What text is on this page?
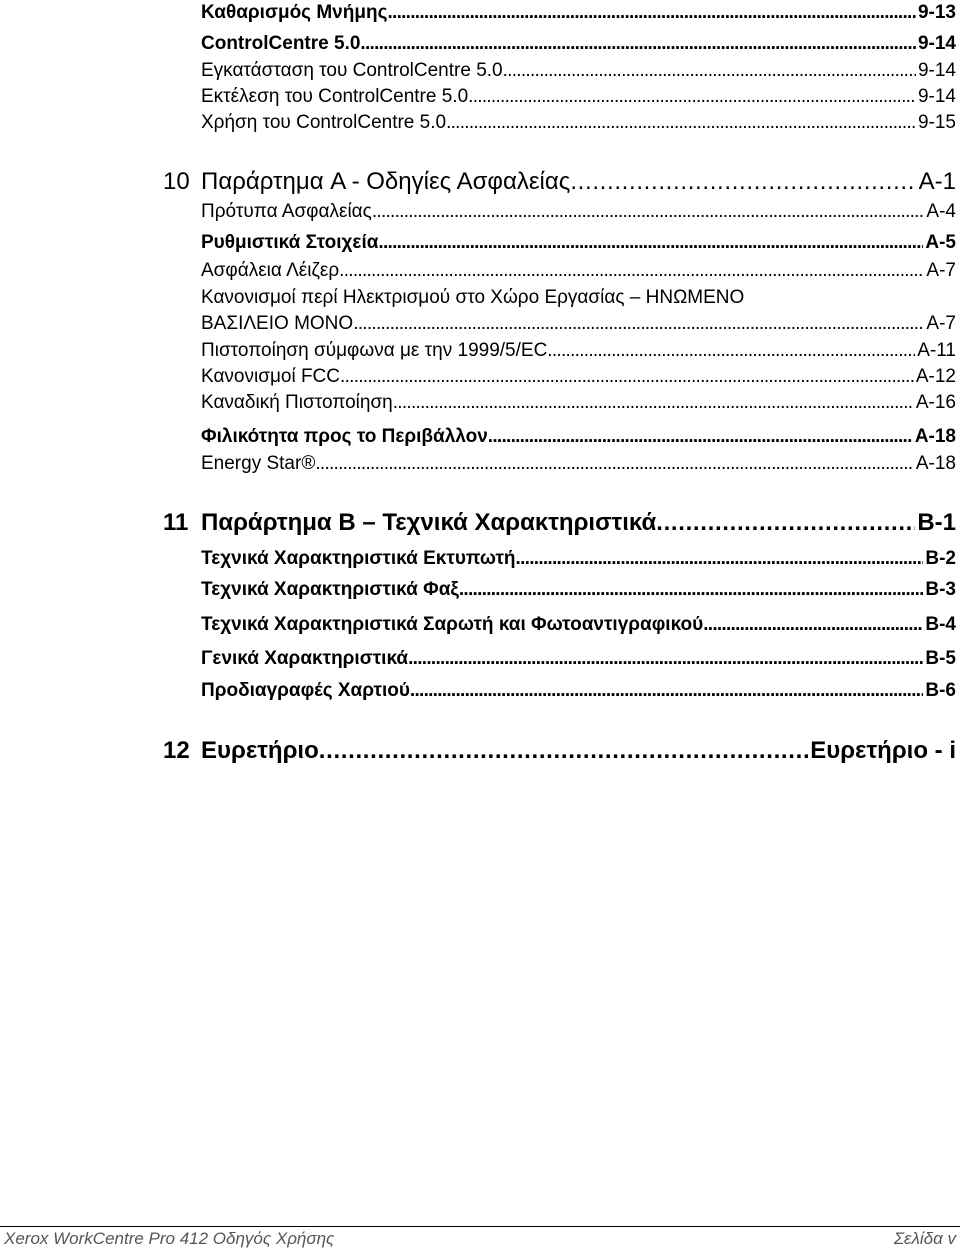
Καθαρισμός Μνήμης . . .	9-13
ControlCentre 5.0 . . .	9-14
Εγκατάσταση του ControlCentre 5.0 . . .	9-14
Εκτέλεση του ControlCentre 5.0 . . .	9-14
Χρήση του ControlCentre 5.0 . . .	9-15
10 Παράρτημα A - Οδηγίες Ασφαλείας . . .	A-1
Πρότυπα Ασφαλείας . . .	A-4
Ρυθμιστικά Στοιχεία . . .	A-5
Ασφάλεια Λέιζερ . . .	A-7
Κανονισμοί περί Ηλεκτρισμού στο Χώρο Εργασίας – ΗΝΩΜΕΝΟ
ΒΑΣΙΛΕΙΟ ΜΟΝΟ . . .	A-7
Πιστοποίηση σύμφωνα με την 1999/5/EC . . .	A-11
Κανονισμοί FCC . . .	A-12
Καναδική Πιστοποίηση . . .	A-16
Φιλικότητα προς το Περιβάλλον . . .	A-18
Energy Star® . . .	A-18
11 Παράρτημα B – Τεχνικά Χαρακτηριστικά . . .	B-1
Τεχνικά Χαρακτηριστικά Εκτυπωτή . . .	B-2
Τεχνικά Χαρακτηριστικά Φαξ . . .	B-3
Τεχνικά Χαρακτηριστικά Σαρωτή και Φωτοαντιγραφικού . . .	B-4
Γενικά Χαρακτηριστικά . . .	B-5
Προδιαγραφές Χαρτιού . . .	B-6
12 Ευρετήριο . . .	Ευρετήριο - i
Xerox WorkCentre Pro 412 Οδηγός Χρήσης	Σελίδα v
